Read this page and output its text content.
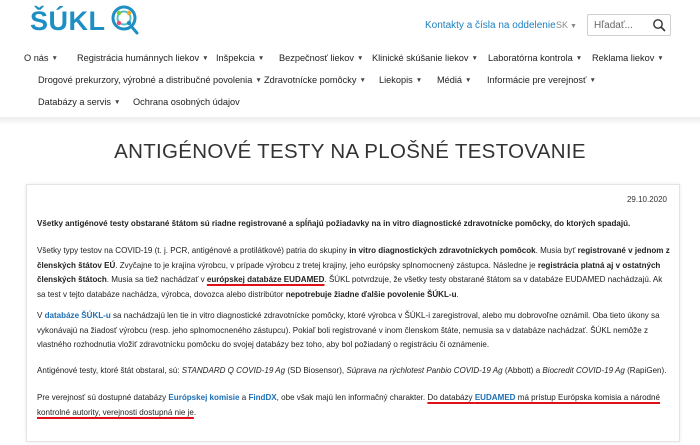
ŠÚKL	Kontakty a čísla na oddelenie SK ▼
Hľadať...
O nás ▼ Registrácia humánnych liekov ▼ Inšpekcia ▼ Bezpečnosť liekov ▼ Klinické skúšanie liekov ▼ Laboratórna kontrola ▼ Reklama liekov ▼
Drogové prekurzory, výrobné a distribučné povolenia ▼ Zdravotnícke pomôcky ▼ Liekopis ▼ Médiá ▼ Informácie pre verejnosť ▼
Databázy a servis ▼ Ochrana osobných údajov
ANTIGÉNOVÉ TESTY NA PLOŠNÉ TESTOVANIE
29.10.2020

Všetky antigénové testy obstarané štátom sú riadne registrované a spĺňajú požiadavky na in vitro diagnostické zdravotnícke pomôcky, do ktorých spadajú.

Všetky typy testov na COVID-19 (t. j. PCR, antigénové a protilátkové) patria do skupiny in vitro diagnostických zdravotníckych pomôcok. Musia byť registrované v jednom z členských štátov EÚ. Zvyčajne to je krajina výrobcu, v prípade výrobcu z tretej krajiny, jeho európsky splnomocnený zástupca. Následne je registrácia platná aj v ostatných členských štátoch. Musia sa tiež nachádzať v európskej databáze EUDAMED. ŠÚKL potvrdzuje, že všetky testy obstarané štátom sa v databáze EUDAMED nachádzajú. Ak sa test v tejto databáze nachádza, výrobca, dovozca alebo distribútor nepotrebuje žiadne ďalšie povolenie ŠÚKL-u.

V databáze ŠÚKL-u sa nachádzajú len tie in vitro diagnostické zdravotnícke pomôcky, ktoré výrobca v ŠÚKL-i zaregistroval, alebo mu dobrovoľne oznámil. Oba tieto úkony sa vykonávajú na žiadosť výrobcu (resp. jeho splnomocneného zástupcu). Pokiaľ boli registrované v inom členskom štáte, nemusia sa v databáze nachádzať. ŠÚKL nemôže z vlastného rozhodnutia vložiť zdravotnícku pomôcku do svojej databázy bez toho, aby bol požiadaný o registráciu či oznámenie.

Antigénové testy, ktoré štát obstaral, sú: STANDARD Q COVID-19 Ag (SD Biosensor), Súprava na rýchlotest Panbio COVID-19 Ag (Abbott) a Biocredit COVID-19 Ag (RapiGen).

Pre verejnosť sú dostupné databázy Európskej komisie a FindDX, obe však majú len informačný charakter. Do databázy EUDAMED má prístup Európska komisia a národné kontrolné autority, verejnosti dostupná nie je.
